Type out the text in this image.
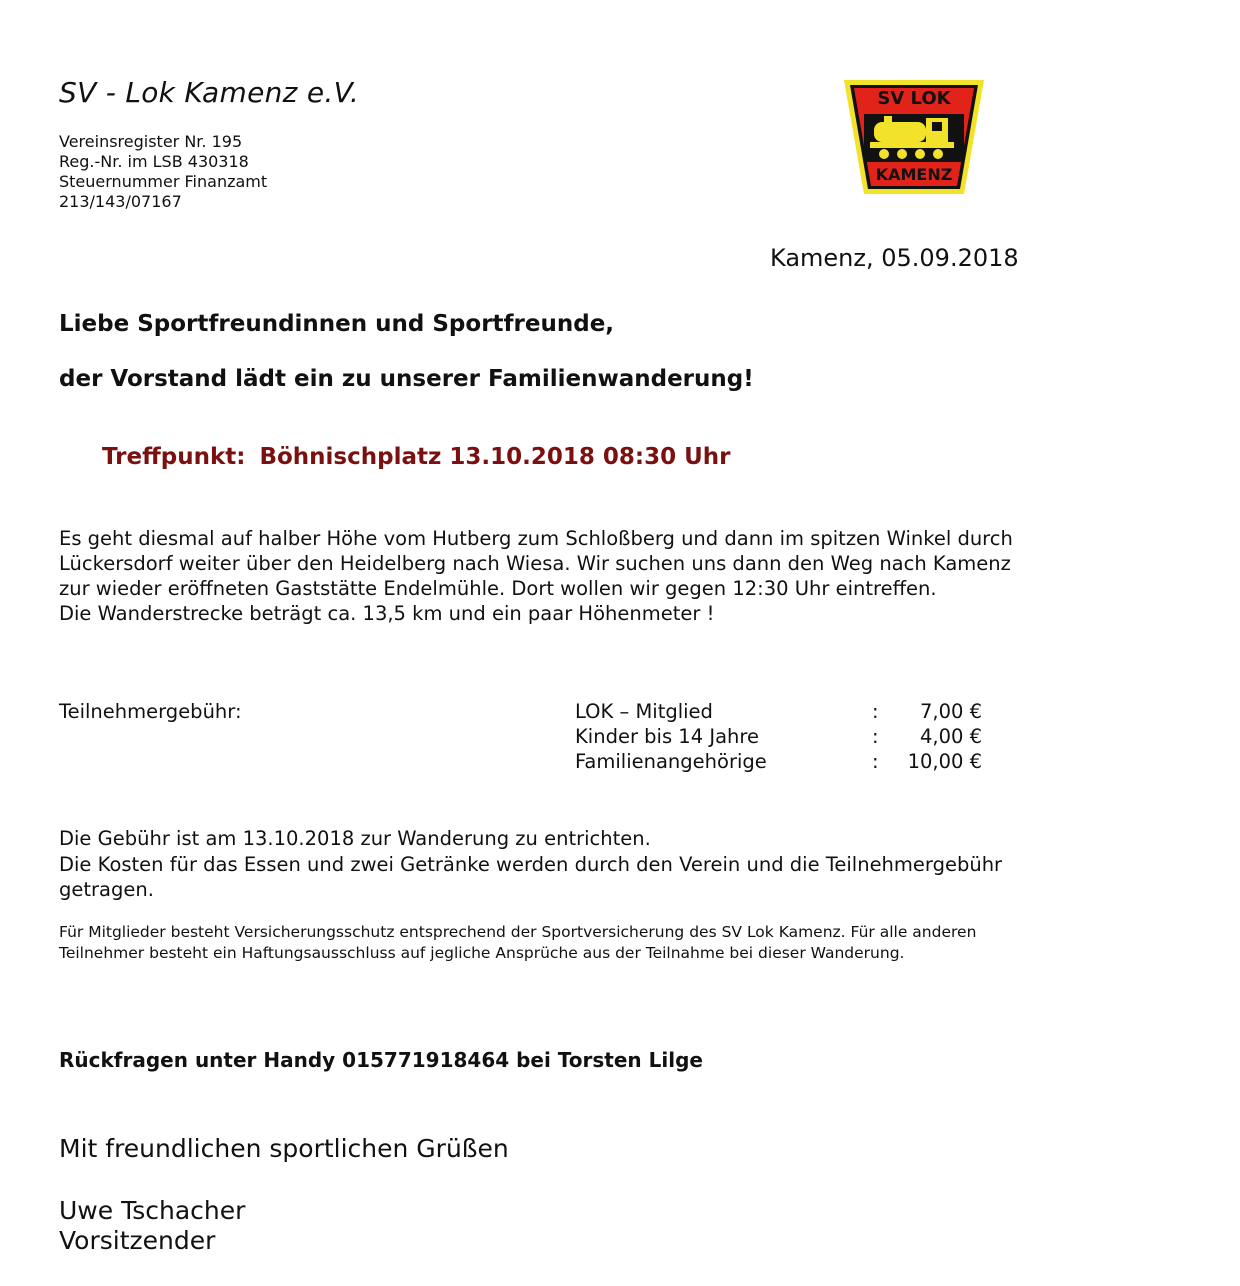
SV - Lok Kamenz e.V.

Vereinsregister Nr. 195

Reg.-Nr. im LSB 430318

Steuernummer Finanzamt

213/143/07167

SV LOK
KAMENZ

Kamenz, 05.09.2018

Liebe Sportfreundinnen und Sportfreunde,

der Vorstand lädt ein zu unserer Familienwanderung!

Treffpunkt: Böhnischplatz 13.10.2018 08:30 Uhr

Es geht diesmal auf halber Höhe vom Hutberg zum Schloßberg und dann im spitzen Winkel durch

Lückersdorf weiter über den Heidelberg nach Wiesa. Wir suchen uns dann den Weg nach Kamenz

zur wieder eröffneten Gaststätte Endelmühle. Dort wollen wir gegen 12:30 Uhr eintreffen.

Die Wanderstrecke beträgt ca. 13,5 km und ein paar Höhenmeter !

Teilnehmergebühr:	LOK – Mitglied	: 7,00 €
Kinder bis 14 Jahre	: 4,00 €
Familienangehörige	: 10,00 €

Die Gebühr ist am 13.10.2018 zur Wanderung zu entrichten.

Die Kosten für das Essen und zwei Getränke werden durch den Verein und die Teilnehmergebühr

getragen.

Für Mitglieder besteht Versicherungsschutz entsprechend der Sportversicherung des SV Lok Kamenz. Für alle anderen

Teilnehmer besteht ein Haftungsausschluss auf jegliche Ansprüche aus der Teilnahme bei dieser Wanderung.

Rückfragen unter Handy 015771918464 bei Torsten Lilge

Mit freundlichen sportlichen Grüßen

Uwe Tschacher

Vorsitzender
